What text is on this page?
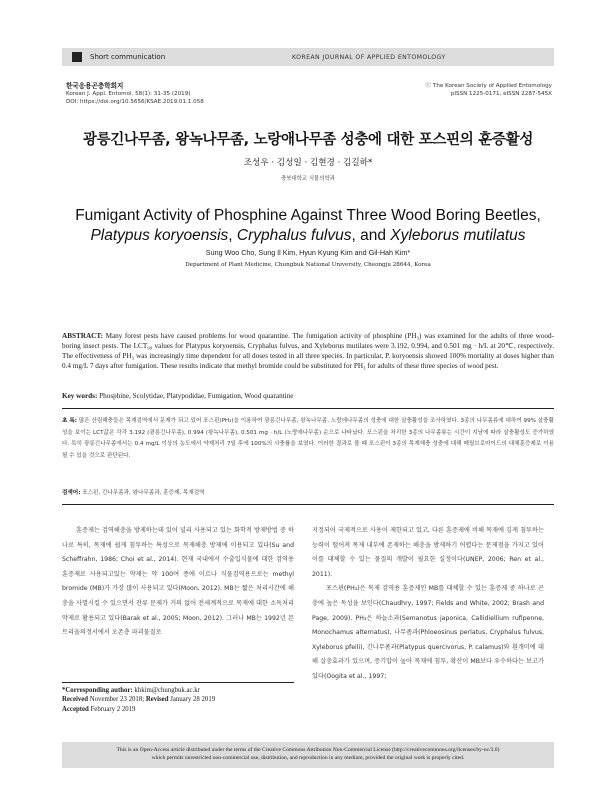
Short communication	KOREAN JOURNAL OF APPLIED ENTOMOLOGY
한국응용곤충학회지
Korean J. Appl. Entomol. 58(1): 31-35 (2019)
DOI: https://doi.org/10.5656/KSAE.2019.01.1.058
ⓒ The Korean Society of Applied Entomology
pISSN 1225-0171, eISSN 2287-545X
광릉긴나무좀, 왕녹나무좀, 노랑애나무좀 성충에 대한 포스핀의 훈증활성
조성우 · 김성일 · 김현경 · 김길하*
충북대학교 식물의학과
Fumigant Activity of Phosphine Against Three Wood Boring Beetles,
Platypus koryoensis, Cryphalus fulvus, and Xyleborus mutilatus
Sung Woo Cho, Sung Il Kim, Hyun Kyung Kim and Gil-Hah Kim*
Department of Plant Medicine, Chungbuk National University, Cheongju 28644, Korea
ABSTRACT: Many forest pests have caused problems for wood quarantine. The fumigation activity of phosphine (PH₃) was examined for the adults of three wood-boring insect pests. The LCT₉₉ values for Platypus koryoensis, Cryphalus fulvus, and Xyleborus mutilates were 3.192, 0.994, and 0.501 mg · h/L at 20℃, respectively. The effectiveness of PH₃ was increasingly time dependent for all doses tested in all three species. In particular, P. koryoensis showed 100% mortality at doses higher than 0.4 mg/L 7 days after fumigation. These results indicate that methyl bromide could be substituted for PH₃ for adults of these three species of wood pest.
Key words: Phosphine, Scolytidae, Platypodidae, Fumigation, Wood quarantine
초 록: 많은 산림해충들은 목재검역에서 문제가 되고 있어 포스핀(PH₃)을 이용하여 광릉긴나무좀, 왕녹나무좀, 노랑애나무좀의 성충에 대한 살충활성을 조사하였다. 3종의 나무좀류에 대하여 99% 살충활성을 보이는 LCT값은 각각 3.192 (광릉긴나무좀), 0.994 (왕녹나무좀), 0.501 mg · h/L (노랑애나무좀) 순으로 나타났다. 포스핀을 처리한 3종의 나무좀류는 시간이 지남에 따라 살충활성도 증가하였다. 특히 광릉긴나무좀에서는 0.4 mg/L 이상의 농도에서 약제처리 7일 후에 100%의 사충률을 보였다. 이러한 결과로 볼 때 포스핀이 3종의 목재해충 성충에 대해 메틸브로마이드의 대체훈증제로 이용될 수 있을 것으로 판단된다.
검색어: 포스핀, 긴나무좀과, 왕나무좀과, 훈증제, 목재검역
훈증제는 검역해충을 방제하는데 있어 널리 사용되고 있는 화학적 방제방법 중 하나로 특히, 목재에 쉽게 침투하는 특성으로 목재해충 방제에 이용되고 있다(Su and Scheffrahn, 1986; Choi et al., 2014). 현재 국내에서 수출입식물에 대한 검역용 훈증제로 사용되고있는 약제는 약 100여 종에 이르나 식물검역용으로는 methyl bromide (MB)가 가장 많이 사용되고 있다(Moon, 2012). MB는 짧은 처리시간에 해충을 사멸시킬 수 있으면서 잔류 문제가 거의 없어 전세계적으로 목재에 대한 소독처리 약제로 활용되고 있다(Barak et al., 2005; Moon, 2012). 그러나 MB는 1992년 몬트리올의정서에서 오존층 파괴물질로

지정되어 국제적으로 사용이 제한되고 있고, 다른 훈증제에 비해 목재에 깊게 침투하는 능력이 떨어져 목재 내부에 존재하는 해충을 방제하기 어렵다는 문제점을 가지고 있어 이를 대체할 수 있는 물질의 개발이 필요한 실정이다(UNEP, 2006; Ren et al., 2011).

포스핀(PH₃)은 목재 검역용 훈증제인 MB를 대체할 수 있는 훈증제 중 하나로 곤충에 높은 독성을 보인다(Chaudhry, 1997; Fields and White, 2002; Brash and Page, 2009). PH₃은 하늘소과(Semanotus japonica, Callidiellium rufipenne, Monochamus alternatus), 나무좀과(Phloeosinus perlatus, Cryphalus fulvus, Xyleborus pfeili), 긴나무좀과(Platypus quercivorus, P. calamus)와 흰개미에 대해 살충효과가 있으며, 증기압이 높아 목재에 침투, 확산이 MB보다 우수하다는 보고가 있다(Oogita et al., 1997;

*Corresponding author: khkim@chungbuk.ac.kr
Received November 23 2018; Revised January 28 2019
Accepted February 2 2019
This is an Open-Access article distributed under the terms of the Creative Commons Attribution Non-Commercial License (http://creativecommons.org/licenses/by-nc/3.0)
which permits unrestricted non-commercial use, distribution, and reproduction in any medium, provided the original work is properly cited.
